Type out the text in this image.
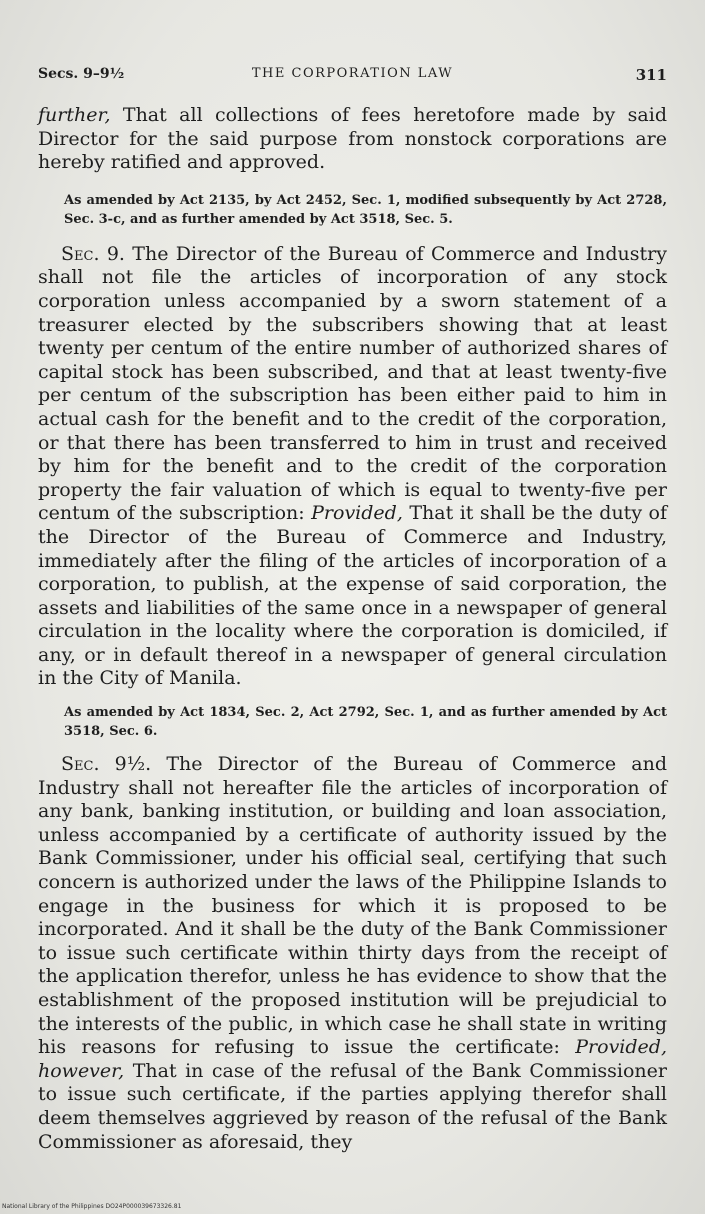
Secs. 9–9½	THE CORPORATION LAW	311

further, That all collections of fees heretofore made by said Director for the said purpose from nonstock corporations are hereby ratified and approved.

As amended by Act 2135, by Act 2452, Sec. 1, modified subsequently by Act 2728, Sec. 3-c, and as further amended by Act 3518, Sec. 5.

Sec. 9. The Director of the Bureau of Commerce and Industry shall not file the articles of incorporation of any stock corporation unless accompanied by a sworn statement of a treasurer elected by the subscribers showing that at least twenty per centum of the entire number of authorized shares of capital stock has been subscribed, and that at least twenty-five per centum of the subscription has been either paid to him in actual cash for the benefit and to the credit of the corporation, or that there has been transferred to him in trust and received by him for the benefit and to the credit of the corporation property the fair valuation of which is equal to twenty-five per centum of the subscription: Provided, That it shall be the duty of the Director of the Bureau of Commerce and Industry, immediately after the filing of the articles of incorporation of a corporation, to publish, at the expense of said corporation, the assets and liabilities of the same once in a newspaper of general circulation in the locality where the corporation is domiciled, if any, or in default thereof in a newspaper of general circulation in the City of Manila.

As amended by Act 1834, Sec. 2, Act 2792, Sec. 1, and as further amended by Act 3518, Sec. 6.

Sec. 9½. The Director of the Bureau of Commerce and Industry shall not hereafter file the articles of incorporation of any bank, banking institution, or building and loan association, unless accompanied by a certificate of authority issued by the Bank Commissioner, under his official seal, certifying that such concern is authorized under the laws of the Philippine Islands to engage in the business for which it is proposed to be incorporated. And it shall be the duty of the Bank Commissioner to issue such certificate within thirty days from the receipt of the application therefor, unless he has evidence to show that the establishment of the proposed institution will be prejudicial to the interests of the public, in which case he shall state in writing his reasons for refusing to issue the certificate: Provided, however, That in case of the refusal of the Bank Commissioner to issue such certificate, if the parties applying therefor shall deem themselves aggrieved by reason of the refusal of the Bank Commissioner as aforesaid, they

National Library of the Philippines DO24P000039673326.81
